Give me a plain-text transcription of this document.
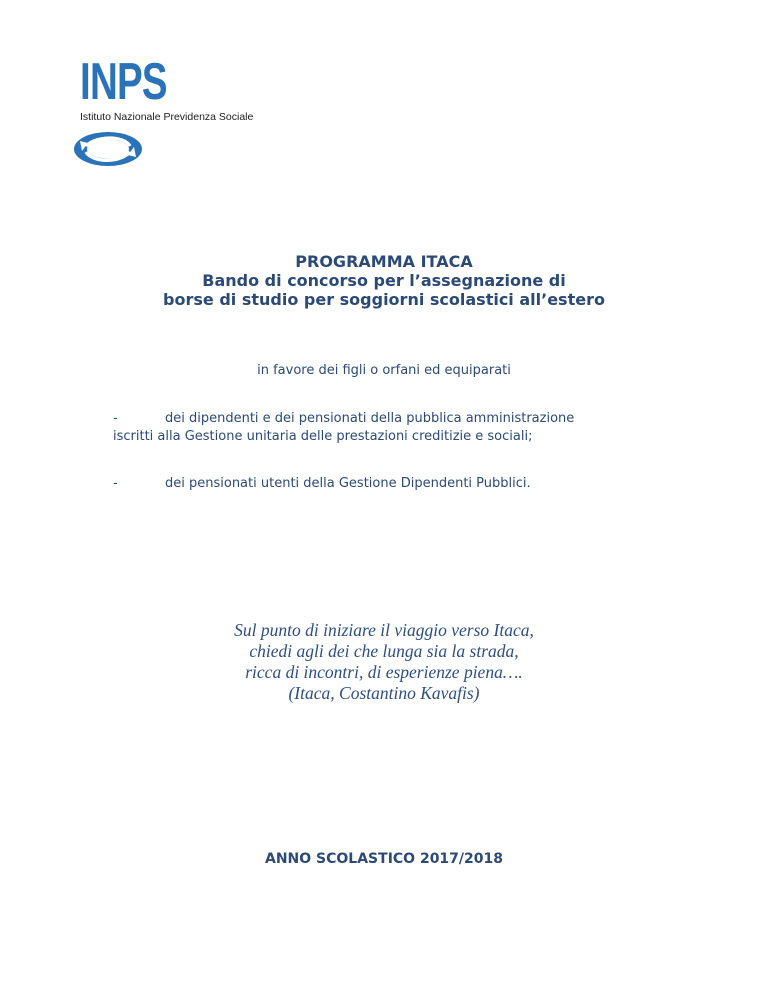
INPS
Istituto Nazionale Previdenza Sociale
PROGRAMMA ITACA
Bando di concorso per l’assegnazione di
borse di studio per soggiorni scolastici all’estero
in favore dei figli o orfani ed equiparati
-	dei dipendenti e dei pensionati della pubblica amministrazione
iscritti alla Gestione unitaria delle prestazioni creditizie e sociali;
-	dei pensionati utenti della Gestione Dipendenti Pubblici.
Sul punto di iniziare il viaggio verso Itaca,
chiedi agli dei che lunga sia la strada,
ricca di incontri, di esperienze piena….
(Itaca, Costantino Kavafis)
ANNO SCOLASTICO 2017/2018
